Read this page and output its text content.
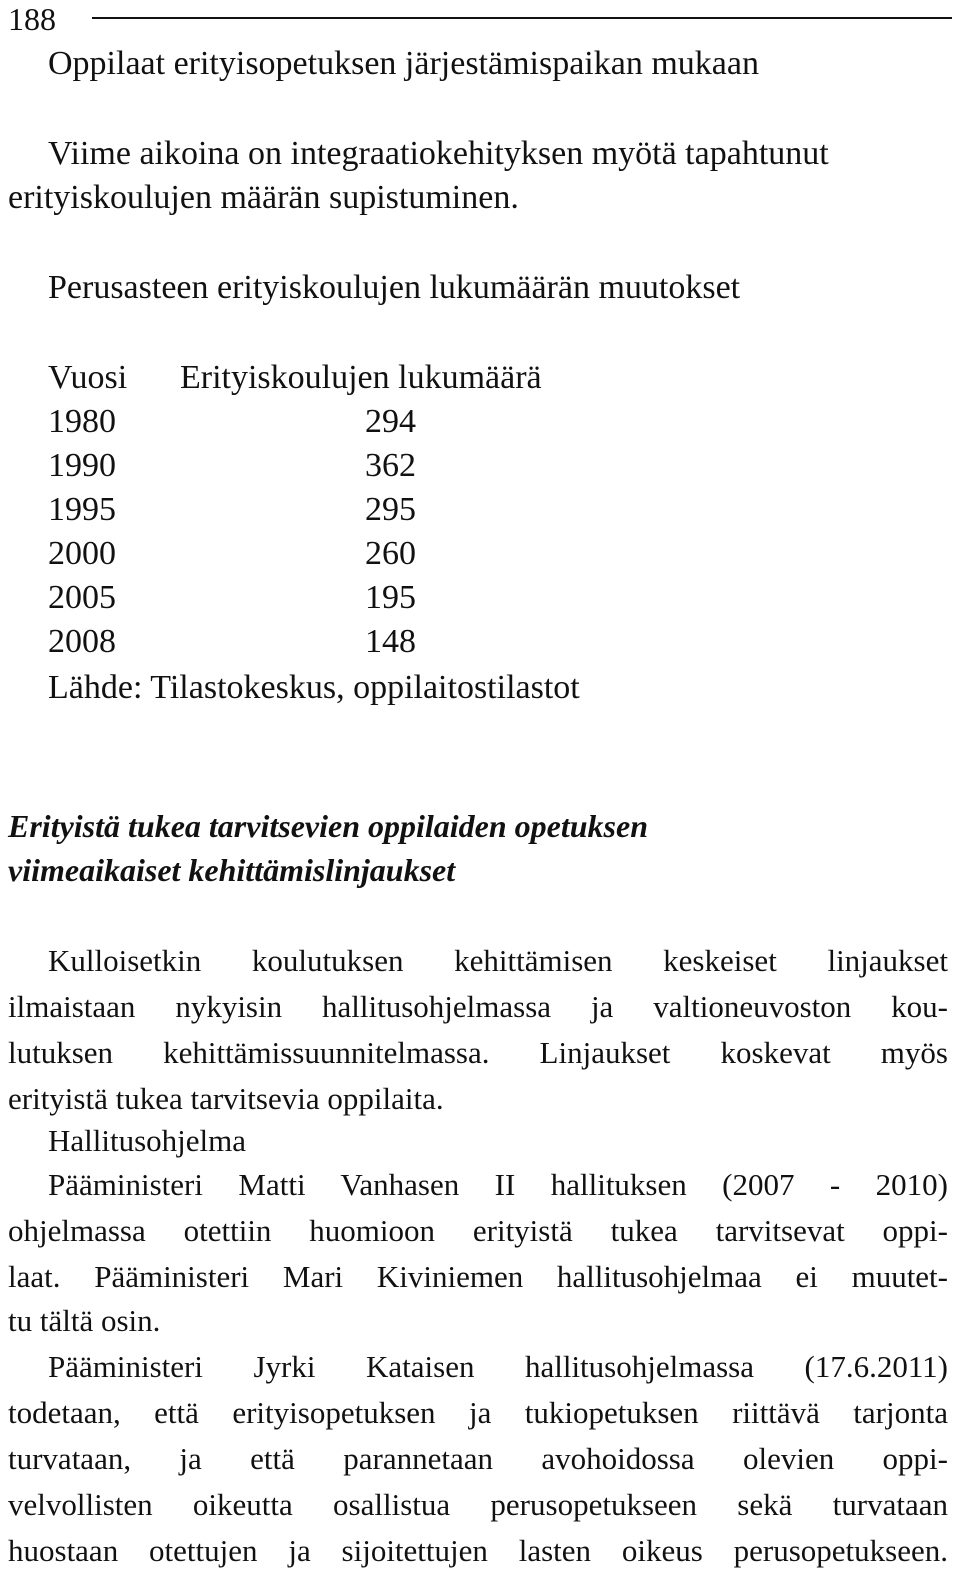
188
Oppilaat erityisopetuksen järjestämispaikan mukaan
Viime aikoina on integraatiokehityksen myötä tapahtunut
erityiskoulujen määrän supistuminen.
Perusasteen erityiskoulujen lukumäärän muutokset
Vuosi Erityiskoulujen lukumäärä
1980	294
1990	362
1995	295
2000	260
2005	195
2008	148
Lähde: Tilastokeskus, oppilaitostilastot
Erityistä tukea tarvitsevien oppilaiden opetuksen
viimeaikaiset kehittämislinjaukset
Kulloisetkin koulutuksen kehittämisen keskeiset linjaukset
ilmaistaan nykyisin hallitusohjelmassa ja valtioneuvoston kou-
lutuksen kehittämissuunnitelmassa. Linjaukset koskevat myös
erityistä tukea tarvitsevia oppilaita.
Hallitusohjelma
Pääministeri Matti Vanhasen II hallituksen (2007 - 2010)
ohjelmassa otettiin huomioon erityistä tukea tarvitsevat oppi-
laat. Pääministeri Mari Kiviniemen hallitusohjelmaa ei muutet-
tu tältä osin.
Pääministeri Jyrki Kataisen hallitusohjelmassa (17.6.2011)
todetaan, että erityisopetuksen ja tukiopetuksen riittävä tarjonta
turvataan, ja että parannetaan avohoidossa olevien oppi-
velvollisten oikeutta osallistua perusopetukseen sekä turvataan
huostaan otettujen ja sijoitettujen lasten oikeus perusopetukseen.
